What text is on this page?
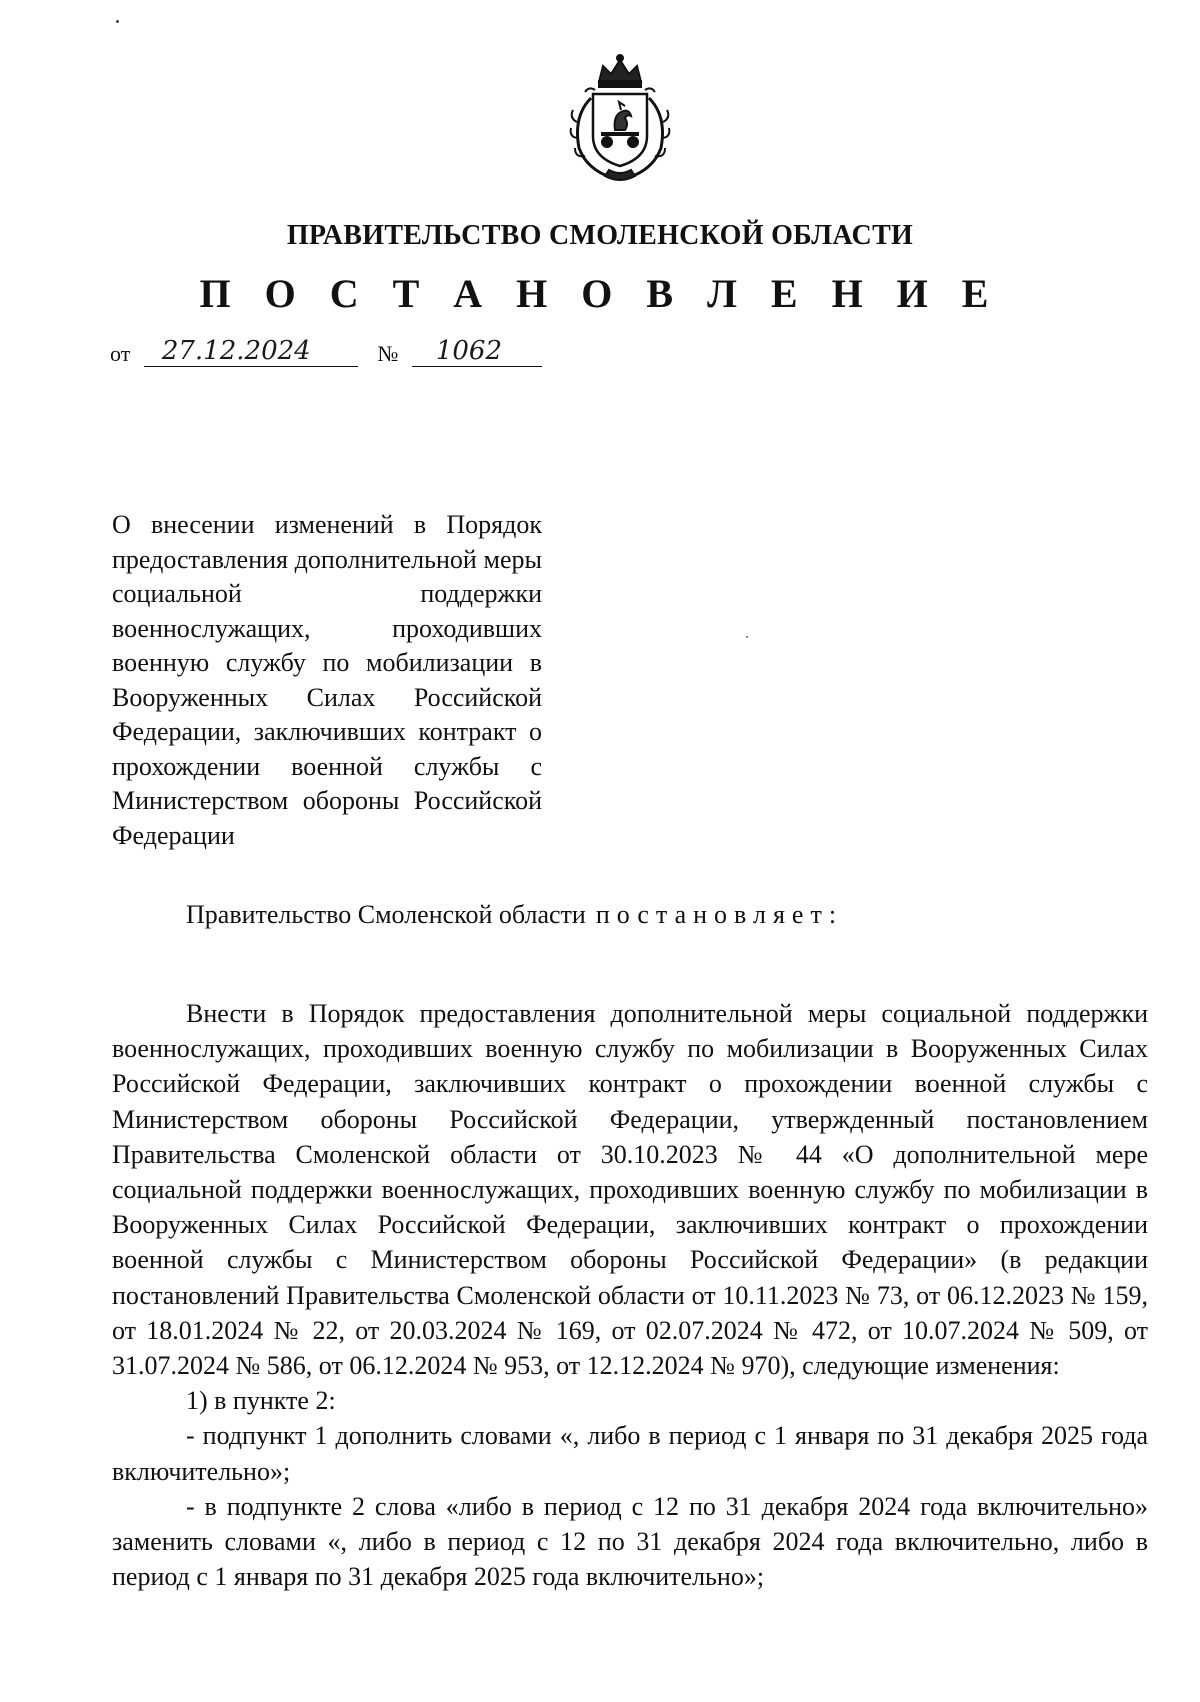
ПРАВИТЕЛЬСТВО СМОЛЕНСКОЙ ОБЛАСТИ
П О С Т А Н О В Л Е Н И Е
от 27.12.2024	№ 1062
О внесении изменений в Порядок предоставления дополнительной меры социальной поддержки военнослужащих, проходивших военную службу по мобилизации в Вооруженных Силах Российской Федерации, заключивших контракт о прохождении военной службы с Министерством обороны Российской Федерации
Правительство Смоленской области постановляет:

Внести в Порядок предоставления дополнительной меры социальной поддержки военнослужащих, проходивших военную службу по мобилизации в Вооруженных Силах Российской Федерации, заключивших контракт о прохождении военной службы с Министерством обороны Российской Федерации, утвержденный постановлением Правительства Смоленской области от 30.10.2023 № 44 «О дополнительной мере социальной поддержки военнослужащих, проходивших военную службу по мобилизации в Вооруженных Силах Российской Федерации, заключивших контракт о прохождении военной службы с Министерством обороны Российской Федерации» (в редакции постановлений Правительства Смоленской области от 10.11.2023 № 73, от 06.12.2023 № 159, от 18.01.2024 № 22, от 20.03.2024 № 169, от 02.07.2024 № 472, от 10.07.2024 № 509, от 31.07.2024 № 586, от 06.12.2024 № 953, от 12.12.2024 № 970), следующие изменения:

1) в пункте 2:

- подпункт 1 дополнить словами «, либо в период с 1 января по 31 декабря 2025 года включительно»;

- в подпункте 2 слова «либо в период с 12 по 31 декабря 2024 года включительно» заменить словами «, либо в период с 12 по 31 декабря 2024 года включительно, либо в период с 1 января по 31 декабря 2025 года включительно»;
